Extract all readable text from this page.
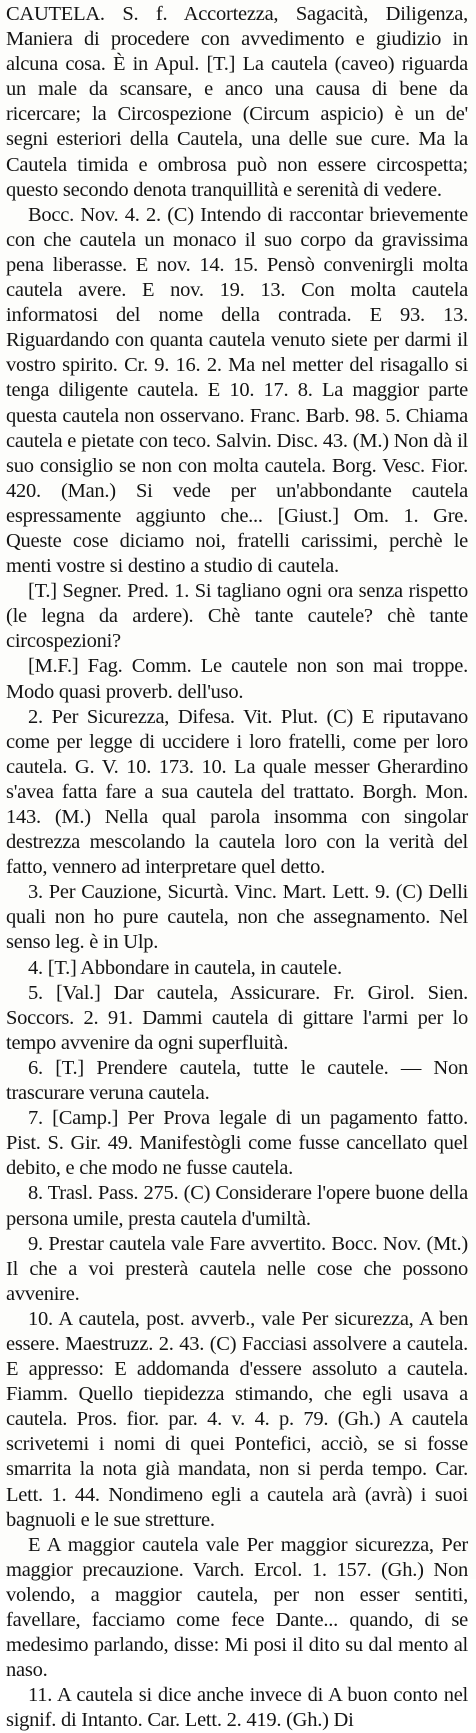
CAUTELA. S. f. Accortezza, Sagacità, Diligenza, Maniera di procedere con avvedimento e giudizio in alcuna cosa. È in Apul. [T.] La cautela (caveo) riguarda un male da scansare, e anco una causa di bene da ricercare; la Circospezione (Circum aspicio) è un de' segni esteriori della Cautela, una delle sue cure. Ma la Cautela timida e ombrosa può non essere circospetta; questo secondo denota tranquillità e serenità di vedere.

Bocc. Nov. 4. 2. (C) Intendo di raccontar brievemente con che cautela un monaco il suo corpo da gravissima pena liberasse. E nov. 14. 15. Pensò convenirgli molta cautela avere. E nov. 19. 13. Con molta cautela informatosi del nome della contrada. E 93. 13. Riguardando con quanta cautela venuto siete per darmi il vostro spirito. Cr. 9. 16. 2. Ma nel metter del risagallo si tenga diligente cautela. E 10. 17. 8. La maggior parte questa cautela non osservano. Franc. Barb. 98. 5. Chiama cautela e pietate con teco. Salvin. Disc. 43. (M.) Non dà il suo consiglio se non con molta cautela. Borg. Vesc. Fior. 420. (Man.) Si vede per un'abbondante cautela espressamente aggiunto che... [Giust.] Om. 1. Gre. Queste cose diciamo noi, fratelli carissimi, perchè le menti vostre si destino a studio di cautela.

[T.] Segner. Pred. 1. Si tagliano ogni ora senza rispetto (le legna da ardere). Chè tante cautele? chè tante circospezioni?

[M.F.] Fag. Comm. Le cautele non son mai troppe. Modo quasi proverb. dell'uso.

2. Per Sicurezza, Difesa. Vit. Plut. (C) E riputavano come per legge di uccidere i loro fratelli, come per loro cautela. G. V. 10. 173. 10. La quale messer Gherardino s'avea fatta fare a sua cautela del trattato. Borgh. Mon. 143. (M.) Nella qual parola insomma con singolar destrezza mescolando la cautela loro con la verità del fatto, vennero ad interpretare quel detto.

3. Per Cauzione, Sicurtà. Vinc. Mart. Lett. 9. (C) Delli quali non ho pure cautela, non che assegnamento. Nel senso leg. è in Ulp.

4. [T.] Abbondare in cautela, in cautele.

5. [Val.] Dar cautela, Assicurare. Fr. Girol. Sien. Soccors. 2. 91. Dammi cautela di gittare l'armi per lo tempo avvenire da ogni superfluità.

6. [T.] Prendere cautela, tutte le cautele. — Non trascurare veruna cautela.

7. [Camp.] Per Prova legale di un pagamento fatto. Pist. S. Gir. 49. Manifestògli come fusse cancellato quel debito, e che modo ne fusse cautela.

8. Trasl. Pass. 275. (C) Considerare l'opere buone della persona umile, presta cautela d'umiltà.

9. Prestar cautela vale Fare avvertito. Bocc. Nov. (Mt.) Il che a voi presterà cautela nelle cose che possono avvenire.

10. A cautela, post. avverb., vale Per sicurezza, A ben essere. Maestruzz. 2. 43. (C) Facciasi assolvere a cautela. E appresso: E addomanda d'essere assoluto a cautela. Fiamm. Quello tiepidezza stimando, che egli usava a cautela. Pros. fior. par. 4. v. 4. p. 79. (Gh.) A cautela scrivetemi i nomi di quei Pontefici, acciò, se si fosse smarrita la nota già mandata, non si perda tempo. Car. Lett. 1. 44. Nondimeno egli a cautela arà (avrà) i suoi bagnuoli e le sue stretture.

E A maggior cautela vale Per maggior sicurezza, Per maggior precauzione. Varch. Ercol. 1. 157. (Gh.) Non volendo, a maggior cautela, per non esser sentiti, favellare, facciamo come fece Dante... quando, di se medesimo parlando, disse: Mi posi il dito su dal mento al naso.

11. A cautela si dice anche invece di A buon conto nel signif. di Intanto. Car. Lett. 2. 419. (Gh.) Di
